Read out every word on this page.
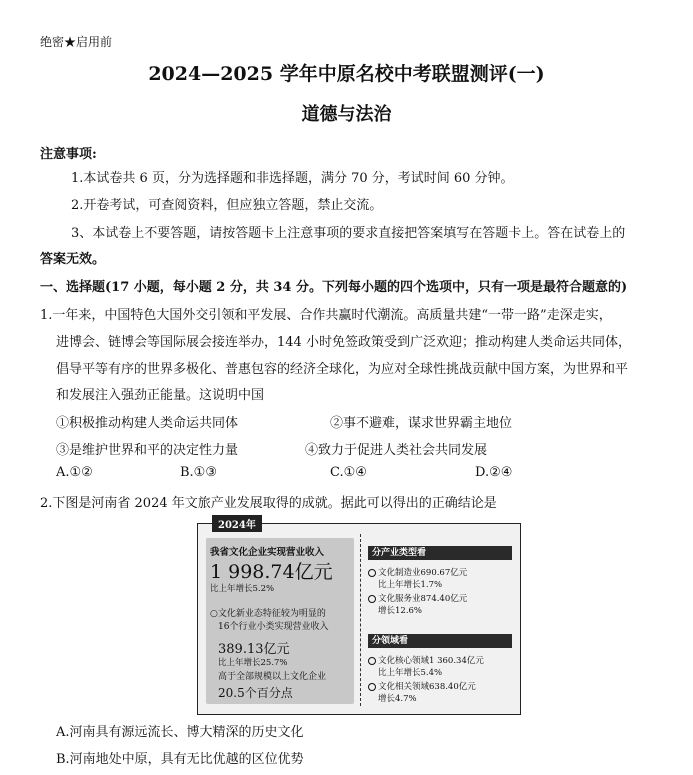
绝密★启用前
2024—2025 学年中原名校中考联盟测评(一)
道德与法治
注意事项:
1.本试卷共 6 页，分为选择题和非选择题，满分 70 分，考试时间 60 分钟。
2.开卷考试，可查阅资料，但应独立答题，禁止交流。
3、本试卷上不要答题，请按答题卡上注意事项的要求直接把答案填写在答题卡上。答在试卷上的
答案无效。
一、选择题(17 小题，每小题 2 分，共 34 分。下列每小题的四个选项中，只有一项是最符合题意的)
1.一年来，中国特色大国外交引领和平发展、合作共赢时代潮流。高质量共建“一带一路”走深走实，
进博会、链博会等国际展会接连举办，144 小时免签政策受到广泛欢迎；推动构建人类命运共同体，
倡导平等有序的世界多极化、普惠包容的经济全球化，为应对全球性挑战贡献中国方案，为世界和平
和发展注入强劲正能量。这说明中国
①积极推动构建人类命运共同体	②事不避难，谋求世界霸主地位
③是维护世界和平的决定性力量	④致力于促进人类社会共同发展
A.①②	B.①③	C.①④	D.②④
2.下图是河南省 2024 年文旅产业发展取得的成就。据此可以得出的正确结论是
2024年
我省文化企业实现营业收入
1 998.74亿元
比上年增长5.2%
○文化新业态特征较为明显的
16个行业小类实现营业收入
389.13亿元
比上年增长25.7%
高于全部规模以上文化企业
20.5个百分点
分产业类型看
文化制造业690.67亿元
比上年增长1.7%
文化服务业874.40亿元
增长12.6%
分领域看
文化核心领域1 360.34亿元
比上年增长5.4%
文化相关领域638.40亿元
增长4.7%
A.河南具有源远流长、博大精深的历史文化
B.河南地处中原，具有无比优越的区位优势
